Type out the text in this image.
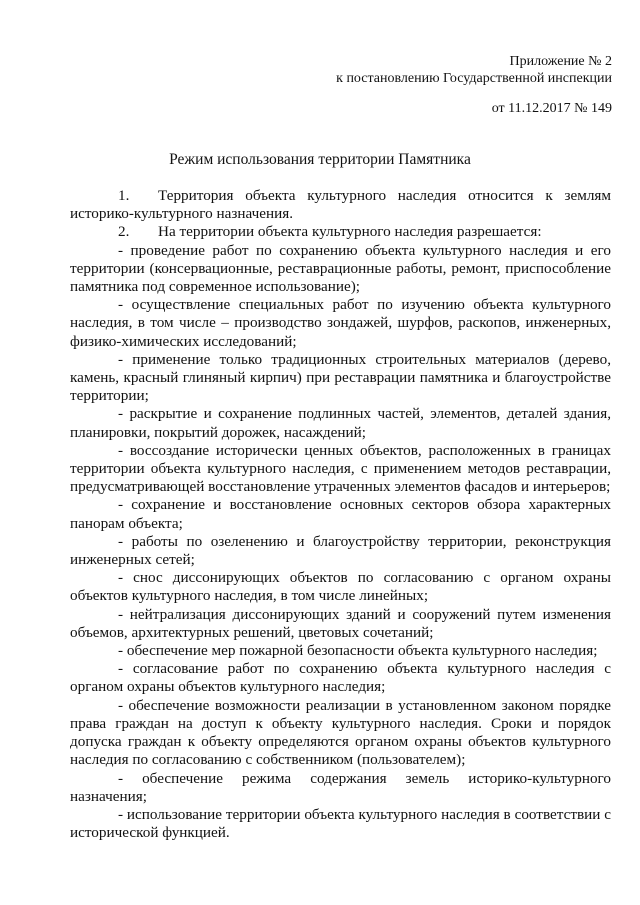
Приложение № 2
к постановлению Государственной инспекции
от 11.12.2017 № 149
Режим использования территории Памятника

1. Территория объекта культурного наследия относится к землям историко-культурного назначения.

2. На территории объекта культурного наследия разрешается:

- проведение работ по сохранению объекта культурного наследия и его территории (консервационные, реставрационные работы, ремонт, приспособление памятника под современное использование);

- осуществление специальных работ по изучению объекта культурного наследия, в том числе – производство зондажей, шурфов, раскопов, инженерных, физико-химических исследований;

- применение только традиционных строительных материалов (дерево, камень, красный глиняный кирпич) при реставрации памятника и благоустройстве территории;

- раскрытие и сохранение подлинных частей, элементов, деталей здания, планировки, покрытий дорожек, насаждений;

- воссоздание исторически ценных объектов, расположенных в границах территории объекта культурного наследия, с применением методов реставрации, предусматривающей восстановление утраченных элементов фасадов и интерьеров;

- сохранение и восстановление основных секторов обзора характерных панорам объекта;

- работы по озеленению и благоустройству территории, реконструкция инженерных сетей;

- снос диссонирующих объектов по согласованию с органом охраны объектов культурного наследия, в том числе линейных;

- нейтрализация диссонирующих зданий и сооружений путем изменения объемов, архитектурных решений, цветовых сочетаний;

- обеспечение мер пожарной безопасности объекта культурного наследия;

- согласование работ по сохранению объекта культурного наследия с органом охраны объектов культурного наследия;

- обеспечение возможности реализации в установленном законом порядке права граждан на доступ к объекту культурного наследия. Сроки и порядок допуска граждан к объекту определяются органом охраны объектов культурного наследия по согласованию с собственником (пользователем);

- обеспечение режима содержания земель историко-культурного назначения;

- использование территории объекта культурного наследия в соответствии с исторической функцией.
